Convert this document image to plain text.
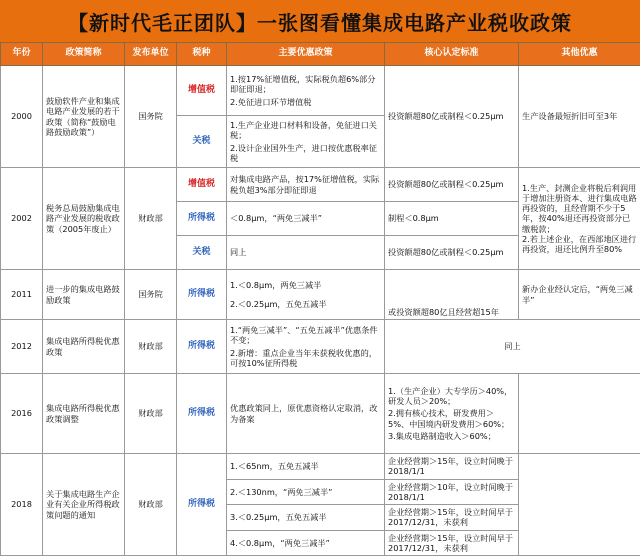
【新时代毛正团队】一张图看懂集成电路产业税收政策
年份	政策简称	发布单位	税种	主要优惠政策	核心认定标准	其他优惠
2000	鼓励软件产业和集成电路产业发展的若干政策（简称“鼓励电路鼓励政策”）	国务院	增值税	1.按17%征增值税，实际税负超6%部分即征即退；
2.免征进口环节增值税	投资额超80亿或制程＜0.25μm	生产设备最短折旧可至3年
			关税	1.生产企业进口材料和设备，免征进口关税；
2.设计企业国外生产，进口按优惠税率征税		

2002	税务总局鼓励集成电路产业发展的税收政策（2005年废止）	财政部	增值税	对集成电路产品，按17%征增值税，实际税负超3%部分即征即退	投资额超80亿或制程＜0.25μm	1.生产、封测企业将税后利润用于增加注册资本、进行集成电路再投资的，且经营期不少于5年，按40%退还再投资部分已缴税款；
2.若上述企业，在西部地区进行再投资，退还比例升至80%
			所得税	＜0.8μm，“两免三减半”	制程＜0.8μm	
			关税	同上	投资额超80亿或制程＜0.25μm	
2011	进一步的集成电路鼓励政策	国务院	所得税	1.＜0.8μm，两免三减半
2.＜0.25μm，五免五减半	或投资额超80亿且经营超15年	新办企业经认定后，“两免三减半”
2012	集成电路所得税优惠政策	财政部	所得税	1.“两免三减半”、“五免五减半”优惠条件不变；
2.新增：重点企业当年未获税收优惠的，可按10%征所得税	同上	
2016	集成电路所得税优惠政策调整	财政部	所得税	优惠政策同上，原优惠资格认定取消，改为备案	1.（生产企业）大专学历＞40%，研发人员＞20%；
2.拥有核心技术，研发费用＞5%、中国境内研发费用＞60%；
3.集成电路制造收入＞60%；	

2018	关于集成电路生产企业有关企业所得税政策问题的通知	财政部	所得税	1.＜65nm，五免五减半	企业经营期＞15年，设立时间晚于2018/1/1	
				2.＜130nm，“两免三减半”	企业经营期＞10年，设立时间晚于2018/1/1	
				3.＜0.25μm，五免五减半	企业经营期＞15年，设立时间早于2017/12/31，未获利	
				4.＜0.8μm，“两免三减半”	企业经营期＞15年，设立时间早于2017/12/31，未获利	
